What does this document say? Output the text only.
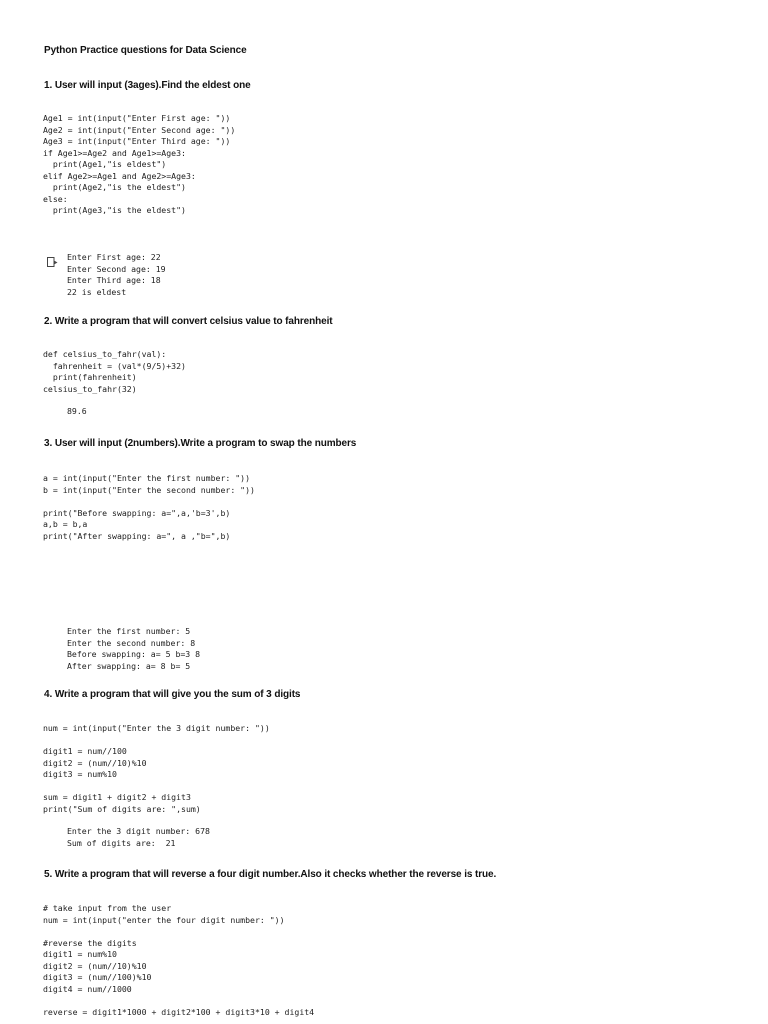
Python Practice questions for Data Science
1. User will input (3ages).Find the eldest one
Age1 = int(input("Enter First age: "))
Age2 = int(input("Enter Second age: "))
Age3 = int(input("Enter Third age: "))
if Age1>=Age2 and Age1>=Age3:
print(Age1,"is eldest")
elif Age2>=Age1 and Age2>=Age3:
print(Age2,"is the eldest")
else:
print(Age3,"is the eldest")
Enter First age: 22
Enter Second age: 19
Enter Third age: 18
22 is eldest
2. Write a program that will convert celsius value to fahrenheit
def celsius_to_fahr(val):
fahrenheit = (val*(9/5)+32)
print(fahrenheit)
celsius_to_fahr(32)
89.6
3. User will input (2numbers).Write a program to swap the numbers
a = int(input("Enter the first number: "))
b = int(input("Enter the second number: "))

print("Before swapping: a=",a,'b=3',b)
a,b = b,a
print("After swapping: a=", a ,"b=",b)
Enter the first number: 5
Enter the second number: 8
Before swapping: a= 5 b=3 8
After swapping: a= 8 b= 5
4. Write a program that will give you the sum of 3 digits
num = int(input("Enter the 3 digit number: "))

digit1 = num//100
digit2 = (num//10)%10
digit3 = num%10

sum = digit1 + digit2 + digit3
print("Sum of digits are: ",sum)
Enter the 3 digit number: 678
Sum of digits are:  21
5. Write a program that will reverse a four digit number.Also it checks whether the reverse is true.
# take input from the user
num = int(input("enter the four digit number: "))

#reverse the digits
digit1 = num%10
digit2 = (num//10)%10
digit3 = (num//100)%10
digit4 = num//1000

reverse = digit1*1000 + digit2*100 + digit3*10 + digit4
